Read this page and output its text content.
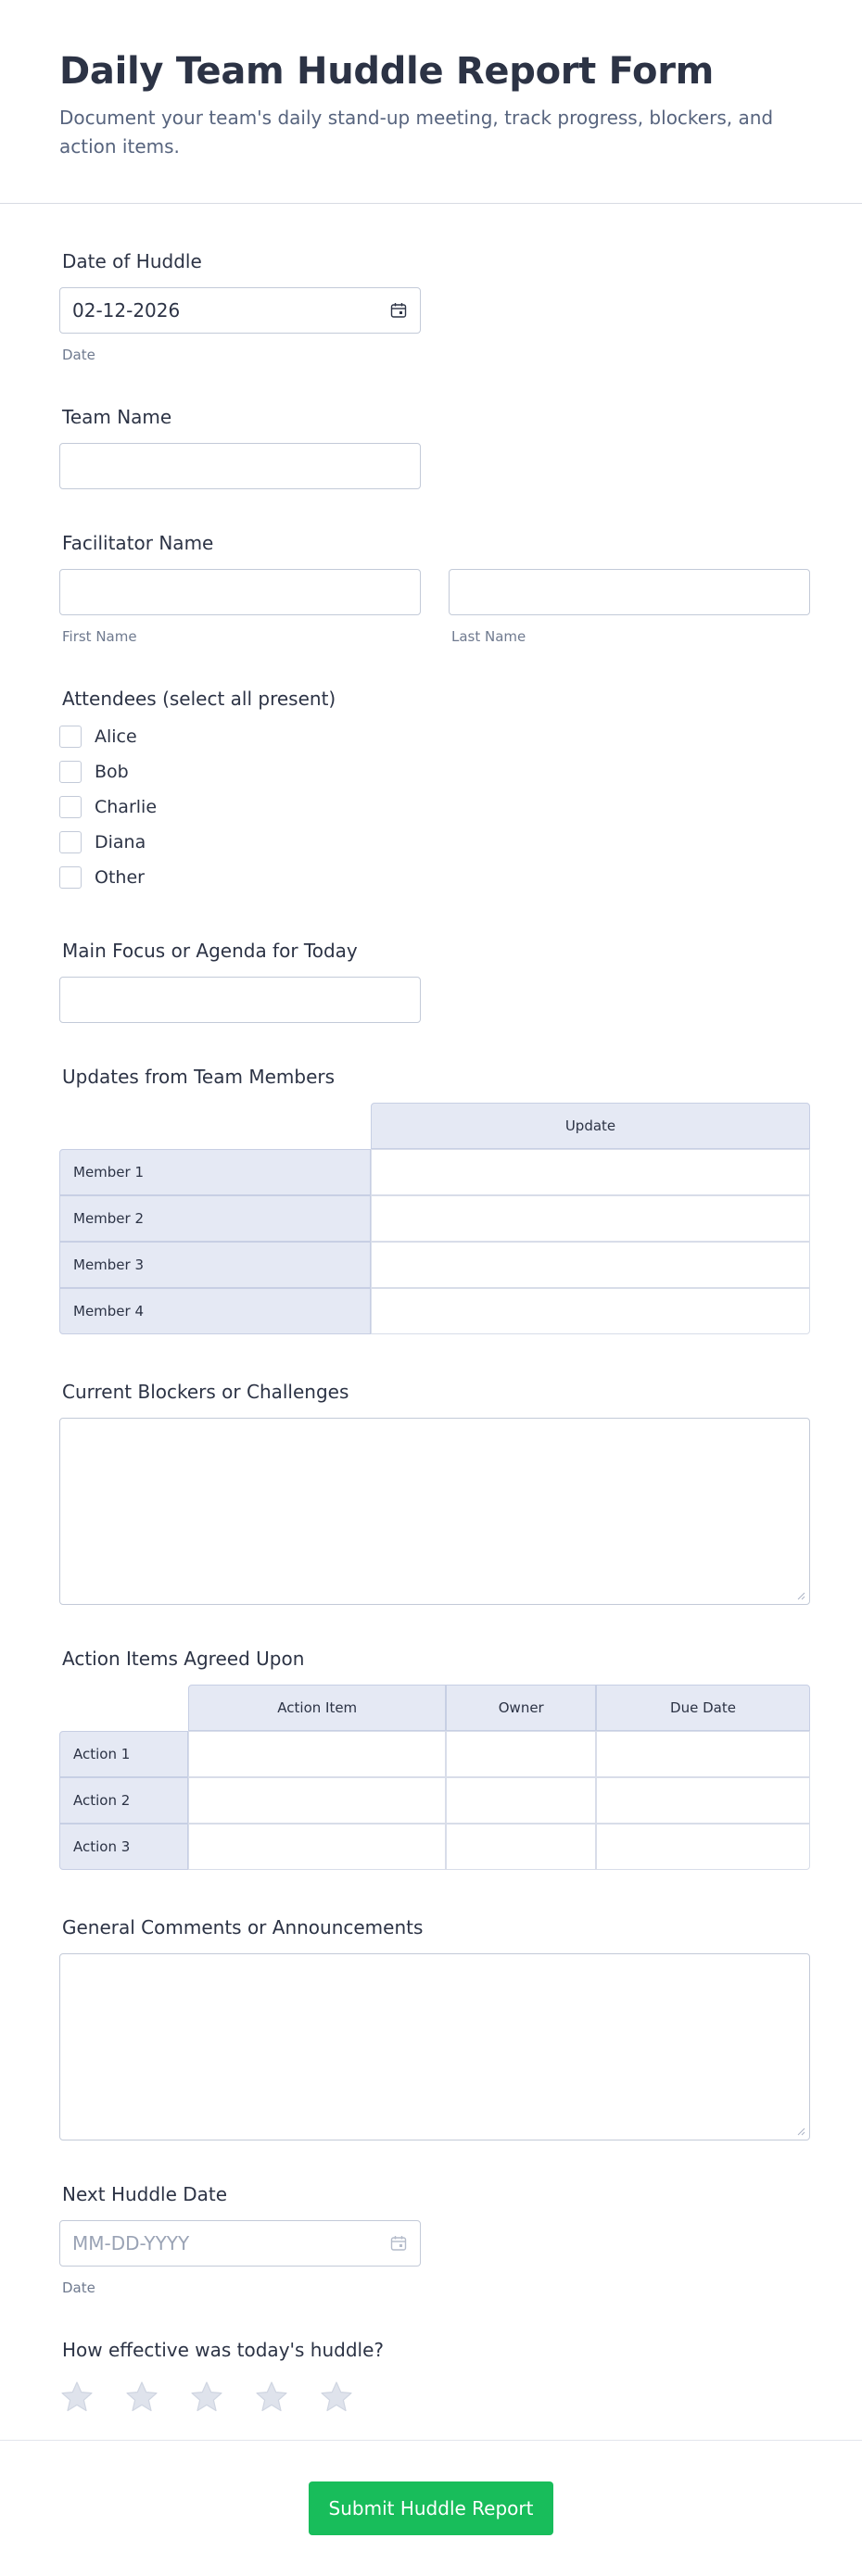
Daily Team Huddle Report Form

Document your team's daily stand-up meeting, track progress, blockers, and action items.

Date of Huddle
02-12-2026
Date
Team Name
Facilitator Name
First Name	Last Name
Attendees (select all present)
Alice
Bob
Charlie
Diana
Other
Main Focus or Agenda for Today
Updates from Team Members
	Update
Member 1	
Member 2	
Member 3	
Member 4	
Current Blockers or Challenges
Action Items Agreed Upon
	Action Item	Owner	Due Date
Action 1			
Action 2			
Action 3			
General Comments or Announcements
Next Huddle Date
MM-DD-YYYY
Date
How effective was today's huddle?
Submit Huddle Report
